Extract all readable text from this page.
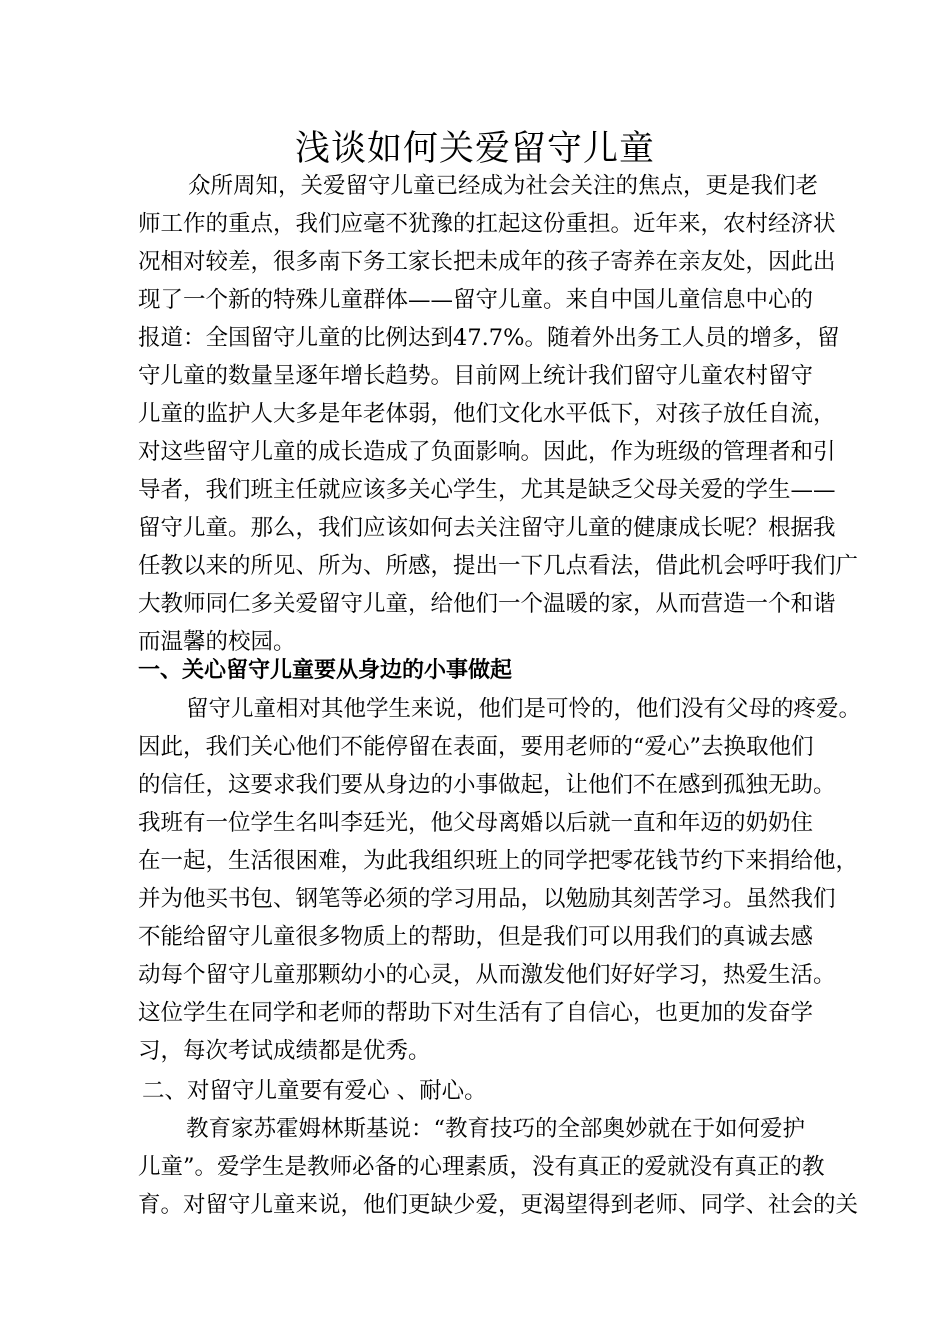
浅谈如何关爱留守儿童
众所周知，关爱留守儿童已经成为社会关注的焦点，更是我们老
师工作的重点，我们应毫不犹豫的扛起这份重担。近年来，农村经济状
况相对较差，很多南下务工家长把未成年的孩子寄养在亲友处，因此出
现了一个新的特殊儿童群体——留守儿童。来自中国儿童信息中心的
报道：全国留守儿童的比例达到47.7%。随着外出务工人员的增多，留
守儿童的数量呈逐年增长趋势。目前网上统计我们留守儿童农村留守
儿童的监护人大多是年老体弱，他们文化水平低下，对孩子放任自流，
对这些留守儿童的成长造成了负面影响。因此，作为班级的管理者和引
导者，我们班主任就应该多关心学生，尤其是缺乏父母关爱的学生——
留守儿童。那么，我们应该如何去关注留守儿童的健康成长呢？根据我
任教以来的所见、所为、所感，提出一下几点看法，借此机会呼吁我们广
大教师同仁多关爱留守儿童，给他们一个温暖的家，从而营造一个和谐
而温馨的校园。
一、关心留守儿童要从身边的小事做起
留守儿童相对其他学生来说，他们是可怜的，他们没有父母的疼爱。
因此，我们关心他们不能停留在表面，要用老师的“爱心”去换取他们
的信任，这要求我们要从身边的小事做起，让他们不在感到孤独无助。
我班有一位学生名叫李廷光，他父母离婚以后就一直和年迈的奶奶住
在一起，生活很困难，为此我组织班上的同学把零花钱节约下来捐给他，
并为他买书包、钢笔等必须的学习用品，以勉励其刻苦学习。虽然我们
不能给留守儿童很多物质上的帮助，但是我们可以用我们的真诚去感
动每个留守儿童那颗幼小的心灵，从而激发他们好好学习，热爱生活。
这位学生在同学和老师的帮助下对生活有了自信心，也更加的发奋学
习，每次考试成绩都是优秀。
二、对留守儿童要有爱心 、耐心。
教育家苏霍姆林斯基说：“教育技巧的全部奥妙就在于如何爱护
儿童”。爱学生是教师必备的心理素质，没有真正的爱就没有真正的教
育。对留守儿童来说，他们更缺少爱，更渴望得到老师、同学、社会的关
